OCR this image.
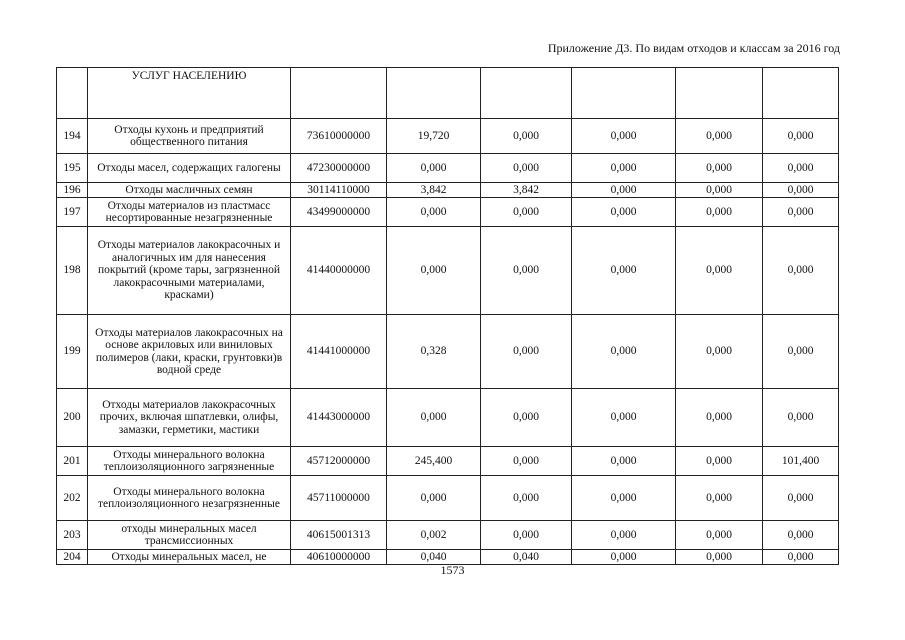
Приложение Д3. По видам отходов и классам за 2016 год
	УСЛУГ НАСЕЛЕНИЮ						
194	Отходы кухонь и предприятий общественного питания	73610000000	19,720	0,000	0,000	0,000	0,000
195	Отходы масел, содержащих галогены	47230000000	0,000	0,000	0,000	0,000	0,000
196	Отходы масличных семян	30114110000	3,842	3,842	0,000	0,000	0,000
197	Отходы материалов из пластмасс несортированные незагрязненные	43499000000	0,000	0,000	0,000	0,000	0,000
198	Отходы материалов лакокрасочных и аналогичных им для нанесения покрытий (кроме тары, загрязненной лакокрасочными материалами, красками)	41440000000	0,000	0,000	0,000	0,000	0,000
199	Отходы материалов лакокрасочных на основе акриловых или виниловых полимеров (лаки, краски, грунтовки)в водной среде	41441000000	0,328	0,000	0,000	0,000	0,000
200	Отходы материалов лакокрасочных прочих, включая шпатлевки, олифы, замазки, герметики, мастики	41443000000	0,000	0,000	0,000	0,000	0,000
201	Отходы минерального волокна теплоизоляционного загрязненные	45712000000	245,400	0,000	0,000	0,000	101,400
202	Отходы минерального волокна теплоизоляционного незагрязненные	45711000000	0,000	0,000	0,000	0,000	0,000
203	отходы минеральных масел трансмиссионных	40615001313	0,002	0,000	0,000	0,000	0,000
204	Отходы минеральных масел, не	40610000000	0,040	0,040	0,000	0,000	0,000
1573
